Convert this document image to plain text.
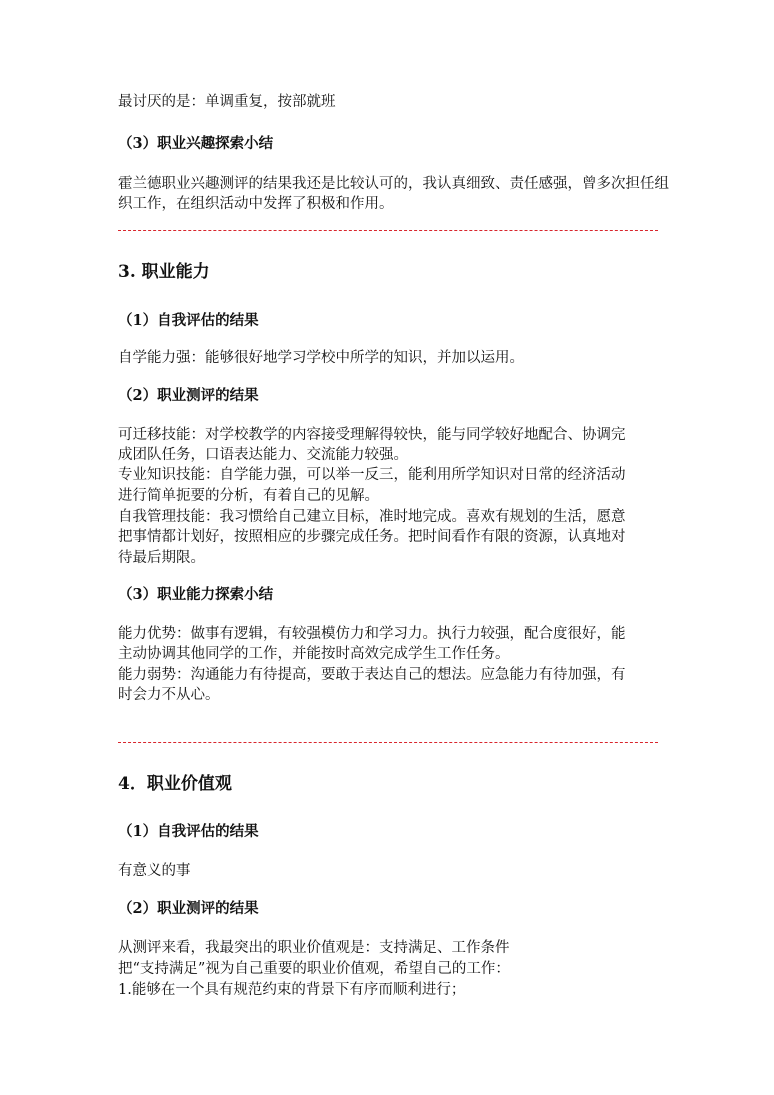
最讨厌的是：单调重复，按部就班
（3）职业兴趣探索小结
霍兰德职业兴趣测评的结果我还是比较认可的，我认真细致、责任感强，曾多次担任组
织工作，在组织活动中发挥了积极和作用。
3. 职业能力
（1）自我评估的结果
自学能力强：能够很好地学习学校中所学的知识，并加以运用。
（2）职业测评的结果
可迁移技能：对学校教学的内容接受理解得较快，能与同学较好地配合、协调完
成团队任务，口语表达能力、交流能力较强。
专业知识技能：自学能力强，可以举一反三，能利用所学知识对日常的经济活动
进行简单扼要的分析，有着自己的见解。
自我管理技能：我习惯给自己建立目标，准时地完成。喜欢有规划的生活，愿意
把事情都计划好，按照相应的步骤完成任务。把时间看作有限的资源，认真地对
待最后期限。
（3）职业能力探索小结
能力优势：做事有逻辑，有较强模仿力和学习力。执行力较强，配合度很好，能
主动协调其他同学的工作，并能按时高效完成学生工作任务。
能力弱势：沟通能力有待提高，要敢于表达自己的想法。应急能力有待加强，有
时会力不从心。
4．职业价值观
（1）自我评估的结果
有意义的事
（2）职业测评的结果
从测评来看，我最突出的职业价值观是：支持满足、工作条件
把“支持满足”视为自己重要的职业价值观，希望自己的工作：
1.能够在一个具有规范约束的背景下有序而顺利进行；
